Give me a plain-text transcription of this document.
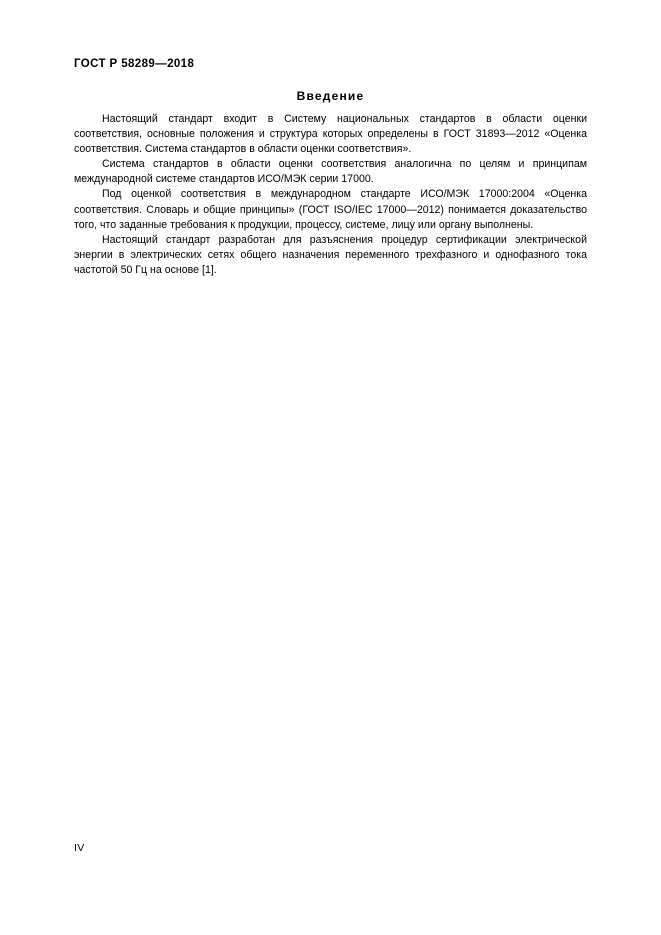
ГОСТ Р 58289—2018
Введение

Настоящий стандарт входит в Систему национальных стандартов в области оценки соответствия, основные положения и структура которых определены в ГОСТ 31893—2012 «Оценка соответствия. Система стандартов в области оценки соответствия».

Система стандартов в области оценки соответствия аналогична по целям и принципам международной системе стандартов ИСО/МЭК серии 17000.

Под оценкой соответствия в международном стандарте ИСО/МЭК 17000:2004 «Оценка соответствия. Словарь и общие принципы» (ГОСТ ISO/IEC 17000—2012) понимается доказательство того, что заданные требования к продукции, процессу, системе, лицу или органу выполнены.

Настоящий стандарт разработан для разъяснения процедур сертификации электрической энергии в электрических сетях общего назначения переменного трехфазного и однофазного тока частотой 50 Гц на основе [1].

IV
